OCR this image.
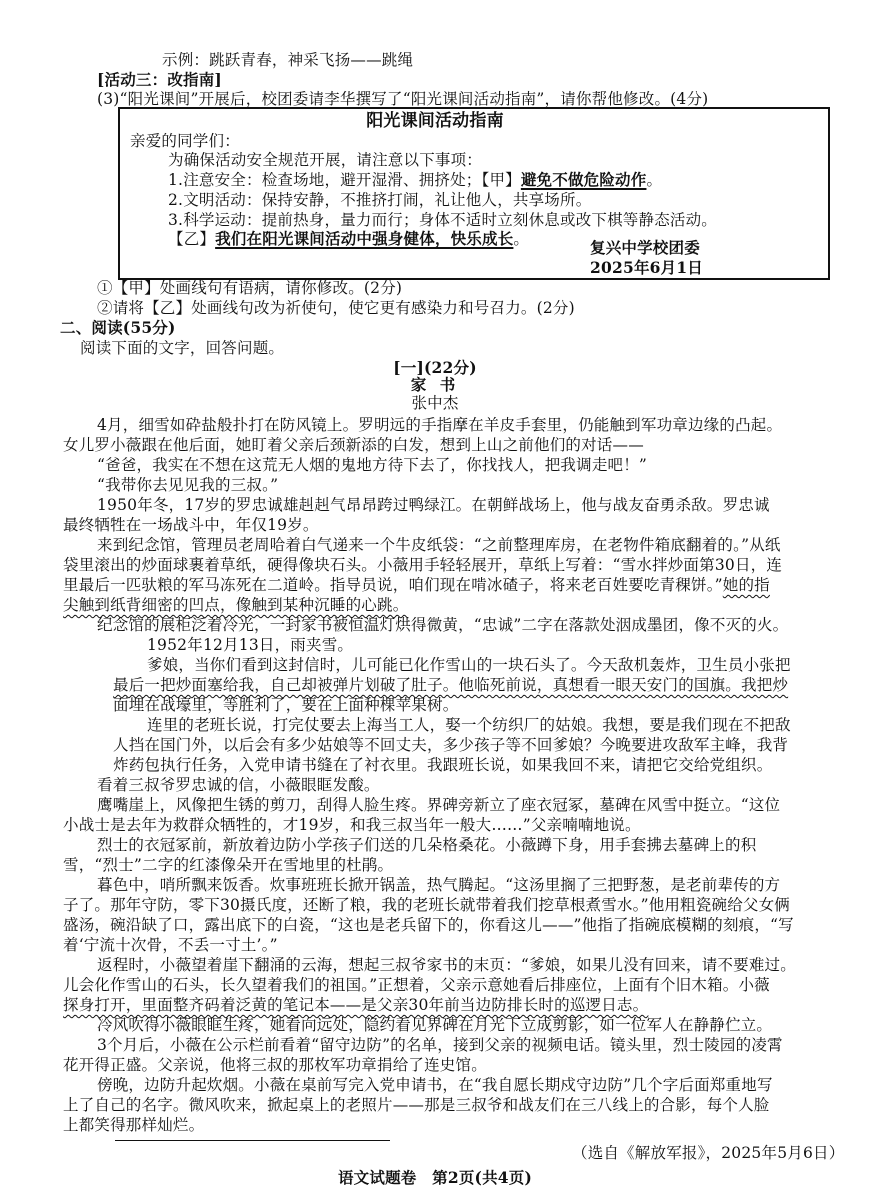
示例：跳跃青春，神采飞扬——跳绳
[活动三：改指南]
(3)“阳光课间”开展后，校团委请李华撰写了“阳光课间活动指南”，请你帮他修改。(4分)
阳光课间活动指南
亲爱的同学们：
为确保活动安全规范开展，请注意以下事项：
1.注意安全：检查场地，避开湿滑、拥挤处；【甲】避免不做危险动作。
2.文明活动：保持安静，不推挤打闹，礼让他人，共享场所。
3.科学运动：提前热身，量力而行；身体不适时立刻休息或改下棋等静态活动。
【乙】我们在阳光课间活动中强身健体，快乐成长。	复兴中学校团委
2025年6月1日
①【甲】处画线句有语病，请你修改。(2分)
②请将【乙】处画线句改为祈使句，使它更有感染力和号召力。(2分)
二、阅读(55分)
阅读下面的文字，回答问题。
[一](22分)
家 书
张中杰
4月，细雪如砕盐般扑打在防风镜上。罗明远的手指摩在羊皮手套里，仍能触到军功章边缘的凸起。
女儿罗小薇跟在他后面，她盯着父亲后颈新添的白发，想到上山之前他们的对话——
“爸爸，我实在不想在这荒无人烟的鬼地方待下去了，你找找人，把我调走吧！”
“我带你去见见我的三叔。”
1950年冬，17岁的罗忠诚雄赳赳气昂昂跨过鸭绿江。在朝鲜战场上，他与战友奋勇杀敌。罗忠诚
最终牺牲在一场战斗中，年仅19岁。
来到纪念馆，管理员老周哈着白气递来一个牛皮纸袋：“之前整理库房，在老物件箱底翻着的。”从纸
袋里滚出的炒面球裹着草纸，硬得像块石头。小薇用手轻轻展开，草纸上写着：“雪水拌炒面第30日，连
里最后一匹驮粮的军马冻死在二道岭。指导员说，咱们现在啃冰碴子，将来老百姓要吃青稞饼。”她的指
尖触到纸背细密的凹点，像触到某种沉睡的心跳。
纪念馆的展柜泛着冷光，一封家书被恒温灯烘得微黄，“忠诚”二字在落款处洇成墨团，像不灭的火。
1952年12月13日，雨夹雪。
爹娘，当你们看到这封信时，儿可能已化作雪山的一块石头了。今天敌机轰炸，卫生员小张把
最后一把炒面塞给我，自己却被弹片划破了肚子。他临死前说，真想看一眼天安门的国旗。我把炒
面埋在战壕里，等胜利了，要在上面种棵苹果树。
连里的老班长说，打完仗要去上海当工人，娶一个纺织厂的姑娘。我想，要是我们现在不把敌
人挡在国门外，以后会有多少姑娘等不回丈夫，多少孩子等不回爹娘？今晚要进攻敌军主峰，我背
炸药包执行任务，入党申请书缝在了衬衣里。我跟班长说，如果我回不来，请把它交给党组织。
看着三叔爷罗忠诚的信，小薇眼眶发酸。
鹰嘴崖上，风像把生锈的剪刀，刮得人脸生疼。界碑旁新立了座衣冠冢，墓碑在风雪中挺立。“这位
小战士是去年为救群众牺牲的，才19岁，和我三叔当年一般大……”父亲喃喃地说。
烈士的衣冠冢前，新放着边防小学孩子们送的几朵格桑花。小薇蹲下身，用手套拂去墓碑上的积
雪，“烈士”二字的红漆像朵开在雪地里的杜鹃。
暮色中，哨所飘来饭香。炊事班班长掀开锅盖，热气腾起。“这汤里搁了三把野葱，是老前辈传的方
子了。那年守防，零下30摄氏度，还断了粮，我的老班长就带着我们挖草根煮雪水。”他用粗瓷碗给父女俩
盛汤，碗沿缺了口，露出底下的白瓷，“这也是老兵留下的，你看这儿——”他指了指碗底模糊的刻痕，“写
着‘宁流十次骨，不丢一寸土’。”
返程时，小薇望着崖下翻涌的云海，想起三叔爷家书的末页：“爹娘，如果儿没有回来，请不要难过。
儿会化作雪山的石头，长久望着我们的祖国。”正想着，父亲示意她看后排座位，上面有个旧木箱。小薇
探身打开，里面整齐码着泛黄的笔记本——是父亲30年前当边防排长时的巡逻日志。
冷风吹得小薇眼眶生疼，她看向远处，隐约看见界碑在月光下立成剪影，如一位军人在静静伫立。
3个月后，小薇在公示栏前看着“留守边防”的名单，接到父亲的视频电话。镜头里，烈士陵园的凌霄
花开得正盛。父亲说，他将三叔的那枚军功章捐给了连史馆。
傍晚，边防升起炊烟。小薇在桌前写完入党申请书，在“我自愿长期戍守边防”几个字后面郑重地写
上了自己的名字。微风吹来，掀起桌上的老照片——那是三叔爷和战友们在三八线上的合影，每个人脸
上都笑得那样灿烂。
（选自《解放军报》，2025年5月6日）
语文试题卷　第2页(共4页)
